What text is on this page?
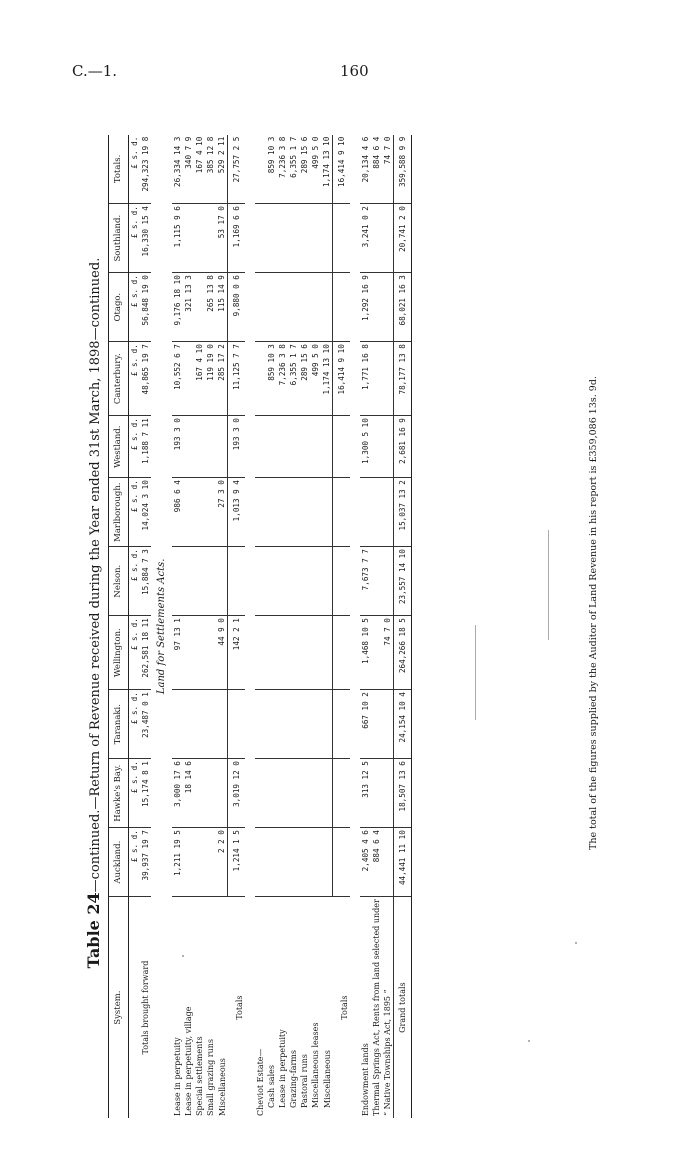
C.—1.	160
Table 24—continued.—Return of Revenue received during the Year ended 31st March, 1898—continued.
System.	Auckland.	Hawke's Bay.	Taranaki.	Wellington.	Nelson.	Marlborough.	Westland.	Canterbury.	Otago.	Southland.	Totals.
	£ s. d.	£ s. d.	£ s. d.	£ s. d.	£ s. d.	£ s. d.	£ s. d.	£ s. d.	£ s. d.	£ s. d.	£ s. d.
Totals brought forward	39,937 19 7	15,174 8 1	23,487 0 1	262,581 18 11	15,884 7 3	14,024 3 10	1,188 7 11	48,865 19 7	56,848 19 0	16,330 15 4	294,323 19 8
Land for Settlements Acts.											
Lease in perpetuity	1,211 19 5	3,000 17 6		97 13 1		986 6 4	193 3 0	10,552 6 7	9,176 18 10	1,115 9 6	26,334 14 3
Lease in perpetuity, village		18 14 6							321 13 3		340 7 9
Special settlements								167 4 10			167 4 10
Small grazing runs								119 19 0	265 13 8		385 12 8
Miscellaneous	2 2 0			44 9 0		27 3 0		285 17 2	115 14 9	53 17 0	529 2 11
Totals	1,214 1 5	3,019 12 0		142 2 1		1,013 9 4	193 3 0	11,125 7 7	9,880 0 6	1,169 6 6	27,757 2 5

Cheviot Estate—											
Cash sales								859 10 3			859 10 3
Lease in perpetuity								7,236 3 8			7,236 3 8
Grazing-farms								6,355 1 7			6,355 1 7
Pastoral runs								289 15 6			289 15 6
Miscellaneous leases								499 5 0			499 5 0
Miscellaneous								1,174 13 10			1,174 13 10
Totals								16,414 9 10			16,414 9 10

Endowment lands	2,405 4 6	313 12 5	667 10 2	1,468 10 5	7,673 7 7		1,300 5 10	1,771 16 8	1,292 16 9	3,241 0 2	20,134 4 6
Thermal Springs Act, Rents from land selected under	884 6 4										884 6 4
“ Native Townships Act, 1895 ”				74 7 0							74 7 0
Grand totals	44,441 11 10	18,507 13 6	24,154 10 4	264,266 18 5	23,557 14 10	15,037 13 2	2,681 16 9	78,177 13 8	68,021 16 3	20,741 2 0	359,588 9 9
The total of the figures supplied by the Auditor of Land Revenue in his report is £359,086 13s. 9d.
